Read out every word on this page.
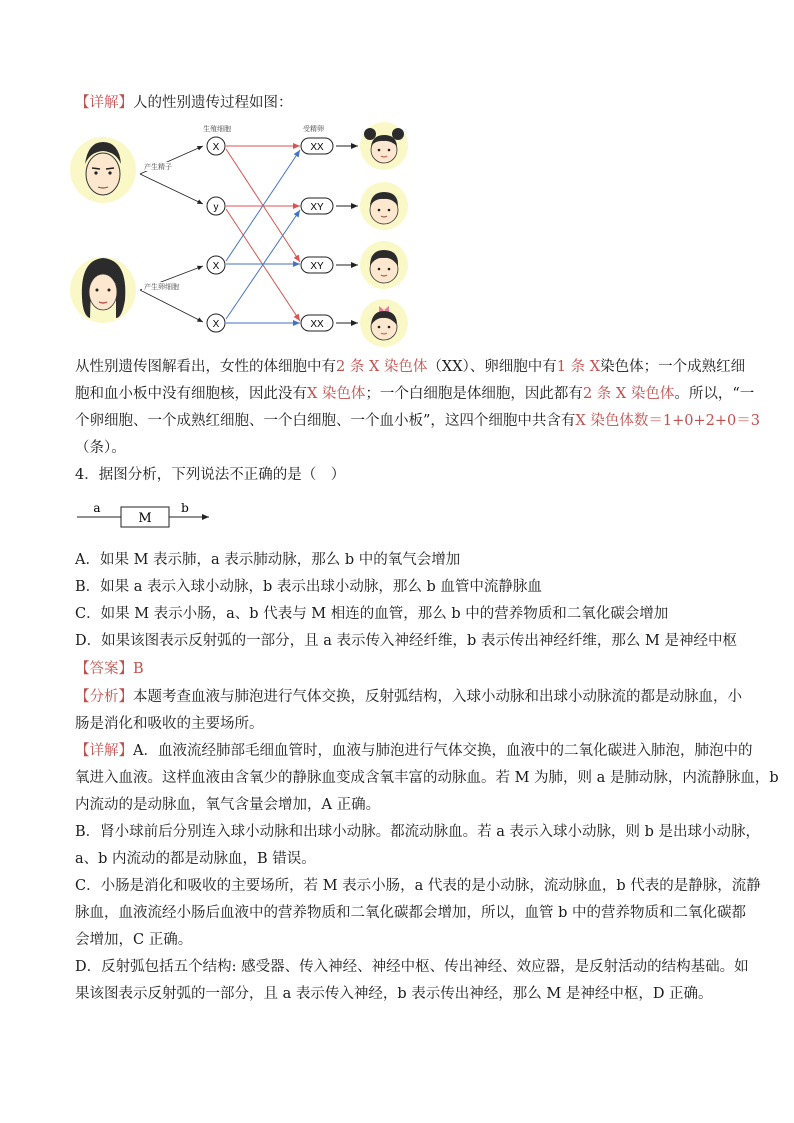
【详解】人的性别遗传过程如图：
生殖细胞	受精卵
产生精子
产生卵细胞
X
y
X
X
XX
XY
XY
XX
从性别遗传图解看出，女性的体细胞中有2 条 X 染色体（XX）、卵细胞中有1 条 X染色体；一个成熟红细
胞和血小板中没有细胞核，因此没有X 染色体；一个白细胞是体细胞，因此都有2 条 X 染色体。所以，“一
个卵细胞、一个成熟红细胞、一个白细胞、一个血小板”，这四个细胞中共含有X 染色体数＝1+0+2+0＝3
（条）。
4．据图分析，下列说法不正确的是（　）
a
M
b
A．如果 M 表示肺，a 表示肺动脉，那么 b 中的氧气会增加
B．如果 a 表示入球小动脉，b 表示出球小动脉，那么 b 血管中流静脉血
C．如果 M 表示小肠，a、b 代表与 M 相连的血管，那么 b 中的营养物质和二氧化碳会增加
D．如果该图表示反射弧的一部分，且 a 表示传入神经纤维，b 表示传出神经纤维，那么 M 是神经中枢
【答案】B
【分析】本题考查血液与肺泡进行气体交换，反射弧结构，入球小动脉和出球小动脉流的都是动脉血，小
肠是消化和吸收的主要场所。
【详解】A．血液流经肺部毛细血管时，血液与肺泡进行气体交换，血液中的二氧化碳进入肺泡，肺泡中的
氧进入血液。这样血液由含氧少的静脉血变成含氧丰富的动脉血。若 M 为肺，则 a 是肺动脉，内流静脉血，b
内流动的是动脉血，氧气含量会增加，A 正确。
B．肾小球前后分别连入球小动脉和出球小动脉。都流动脉血。若 a 表示入球小动脉，则 b 是出球小动脉，
a、b 内流动的都是动脉血，B 错误。
C．小肠是消化和吸收的主要场所，若 M 表示小肠，a 代表的是小动脉，流动脉血，b 代表的是静脉，流静
脉血，血液流经小肠后血液中的营养物质和二氧化碳都会增加，所以，血管 b 中的营养物质和二氧化碳都
会增加，C 正确。
D．反射弧包括五个结构: 感受器、传入神经、神经中枢、传出神经、效应器，是反射活动的结构基础。如
果该图表示反射弧的一部分，且 a 表示传入神经，b 表示传出神经，那么 M 是神经中枢，D 正确。
